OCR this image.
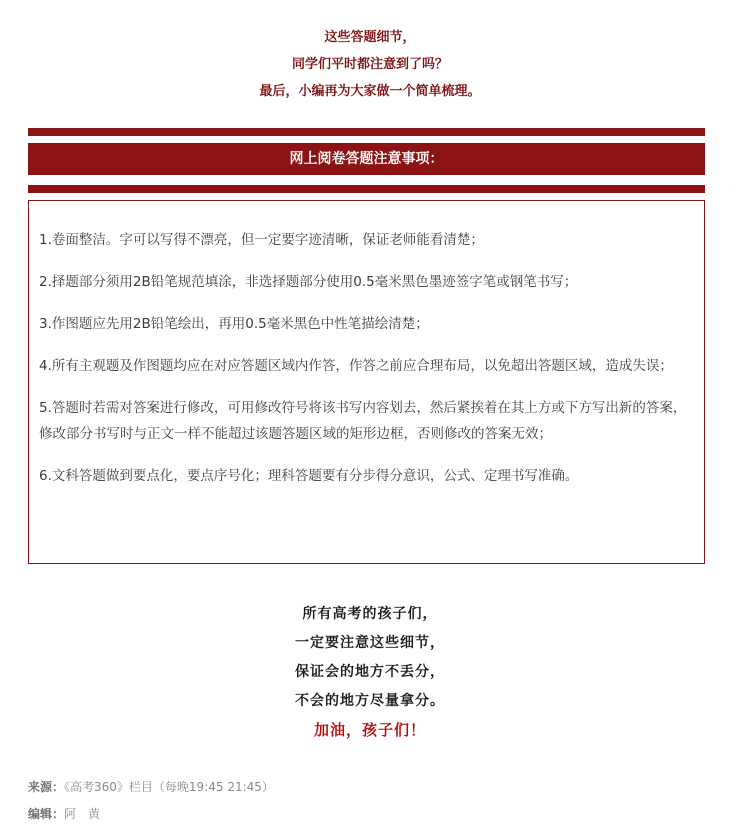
这些答题细节，
同学们平时都注意到了吗？
最后，小编再为大家做一个简单梳理。
网上阅卷答题注意事项：
1.卷面整洁。字可以写得不漂亮，但一定要字迹清晰，保证老师能看清楚；
2.择题部分须用2B铅笔规范填涂，非选择题部分使用0.5毫米黑色墨迹签字笔或钢笔书写；
3.作图题应先用2B铅笔绘出，再用0.5毫米黑色中性笔描绘清楚；
4.所有主观题及作图题均应在对应答题区域内作答，作答之前应合理布局，以免超出答题区域，造成失误；
5.答题时若需对答案进行修改，可用修改符号将该书写内容划去，然后紧挨着在其上方或下方写出新的答案，修改部分书写时与正文一样不能超过该题答题区域的矩形边框，否则修改的答案无效；
6.文科答题做到要点化，要点序号化；理科答题要有分步得分意识，公式、定理书写准确。
所有高考的孩子们，
一定要注意这些细节，
保证会的地方不丢分，
不会的地方尽量拿分。
加油，孩子们！
来源：《高考360》栏目（每晚19:45 21:45）
编辑：阿　黄
